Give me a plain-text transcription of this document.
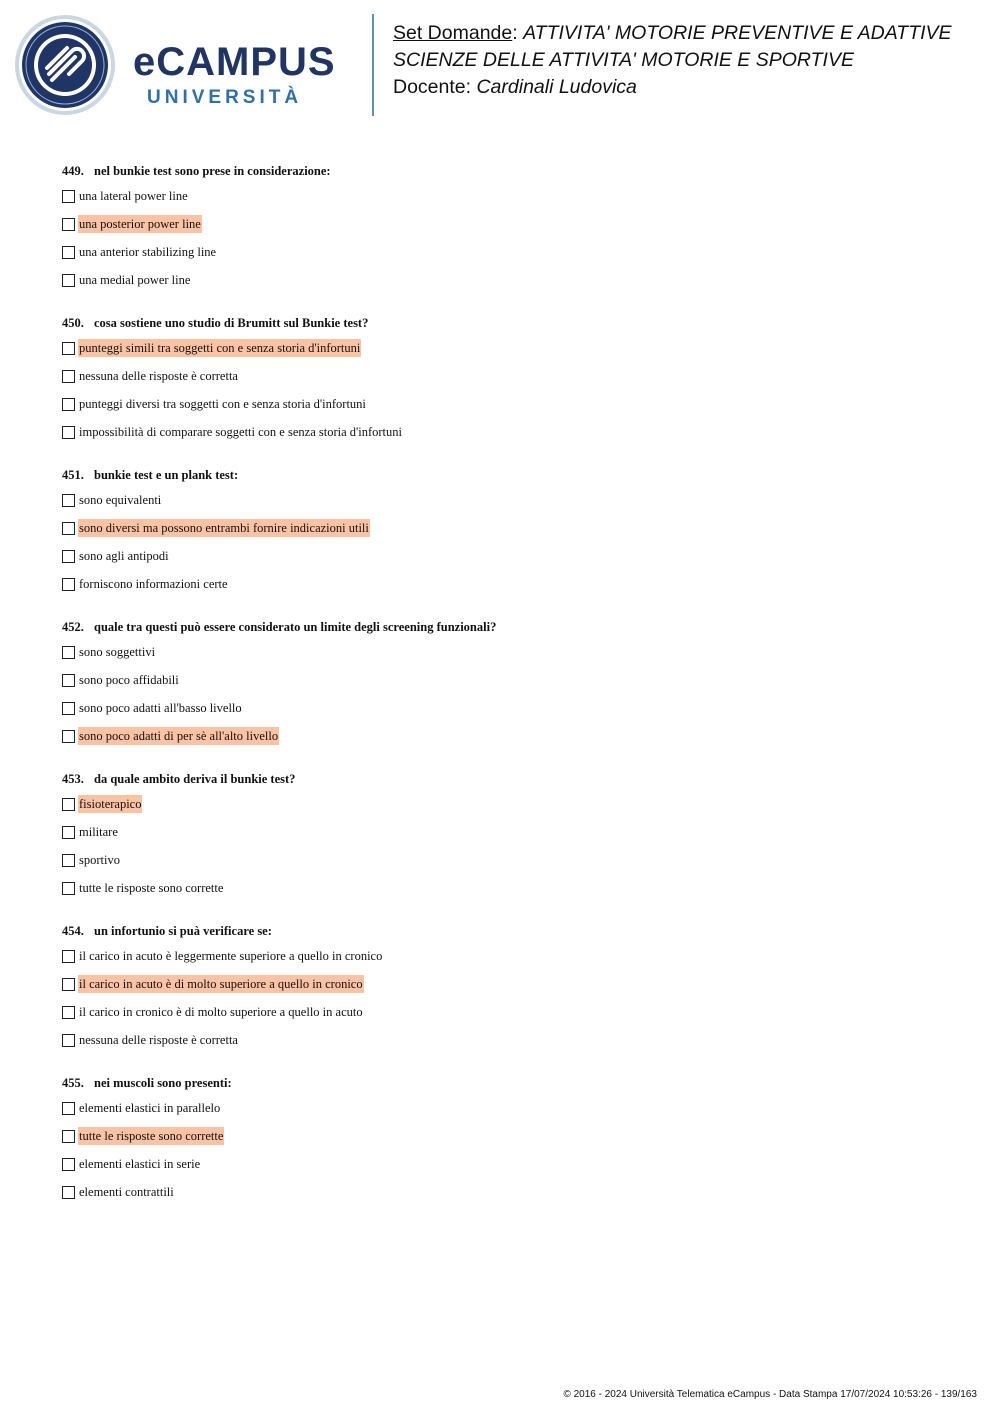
eCAMPUS
UNIVERSITÀ
Set Domande: ATTIVITA' MOTORIE PREVENTIVE E ADATTIVE
SCIENZE DELLE ATTIVITA' MOTORIE E SPORTIVE
Docente: Cardinali Ludovica
449. nel bunkie test sono prese in considerazione:
una lateral power line
una posterior power line
una anterior stabilizing line
una medial power line
450. cosa sostiene uno studio di Brumitt sul Bunkie test?
punteggi simili tra soggetti con e senza storia d'infortuni
nessuna delle risposte è corretta
punteggi diversi tra soggetti con e senza storia d'infortuni
impossibilità di comparare soggetti con e senza storia d'infortuni
451. bunkie test e un plank test:
sono equivalenti
sono diversi ma possono entrambi fornire indicazioni utili
sono agli antipodi
forniscono informazioni certe
452. quale tra questi può essere considerato un limite degli screening funzionali?
sono soggettivi
sono poco affidabili
sono poco adatti all'basso livello
sono poco adatti di per sè all'alto livello
453. da quale ambito deriva il bunkie test?
fisioterapico
militare
sportivo
tutte le risposte sono corrette
454. un infortunio si puà verificare se:
il carico in acuto è leggermente superiore a quello in cronico
il carico in acuto è di molto superiore a quello in cronico
il carico in cronico è di molto superiore a quello in acuto
nessuna delle risposte è corretta
455. nei muscoli sono presenti:
elementi elastici in parallelo
tutte le risposte sono corrette
elementi elastici in serie
elementi contrattili
© 2016 - 2024 Università Telematica eCampus - Data Stampa 17/07/2024 10:53:26 - 139/163
